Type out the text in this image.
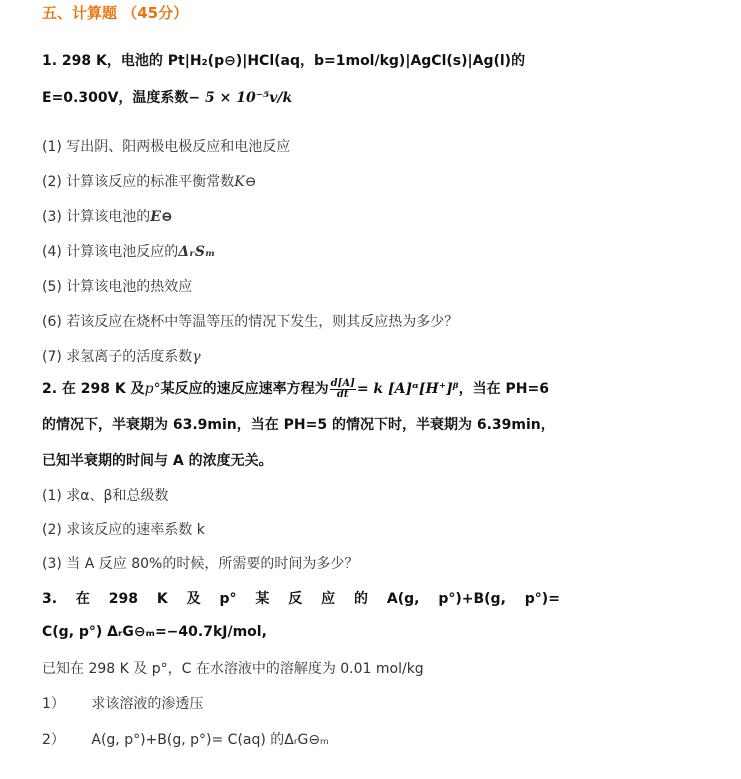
五、计算题 （45分）
1. 298 K，电池的 Pt|H₂(p⊖)|HCl(aq，b=1mol/kg)|AgCl(s)|Ag(l)的
E=0.300V，温度系数− 5 × 10⁻⁵v/k
(1) 写出阴、阳两极电极反应和电池反应
(2) 计算该反应的标准平衡常数K⊖
(3) 计算该电池的E⊖
(4) 计算该电池反应的ΔᵣSₘ
(5) 计算该电池的热效应
(6) 若该反应在烧杯中等温等压的情况下发生，则其反应热为多少？
(7) 求氢离子的活度系数γ
2. 在 298 K 及p°某反应的速反应速率方程为 $\frac{d[A]}{dt} = k$ [A]ᵅ[H⁺]ᵝ，当在 PH=6
的情况下，半衰期为 63.9min，当在 PH=5 的情况下时，半衰期为 6.39min，
已知半衰期的时间与 A 的浓度无关。
(1) 求α、β和总级数
(2) 求该反应的速率系数 k
(3) 当 A 反应 80%的时候，所需要的时间为多少？
3. 在 298 K 及 p° 某 反 应 的 A(g, p°)+B(g, p°)=
C(g, p°) ΔᵣG⊖ₘ=−40.7kJ/mol,
已知在 298 K 及 p°，C 在水溶液中的溶解度为 0.01 mol/kg
1） 求该溶液的渗透压
2） A(g, p°)+B(g, p°)= C(aq) 的ΔᵣG⊖ₘ
